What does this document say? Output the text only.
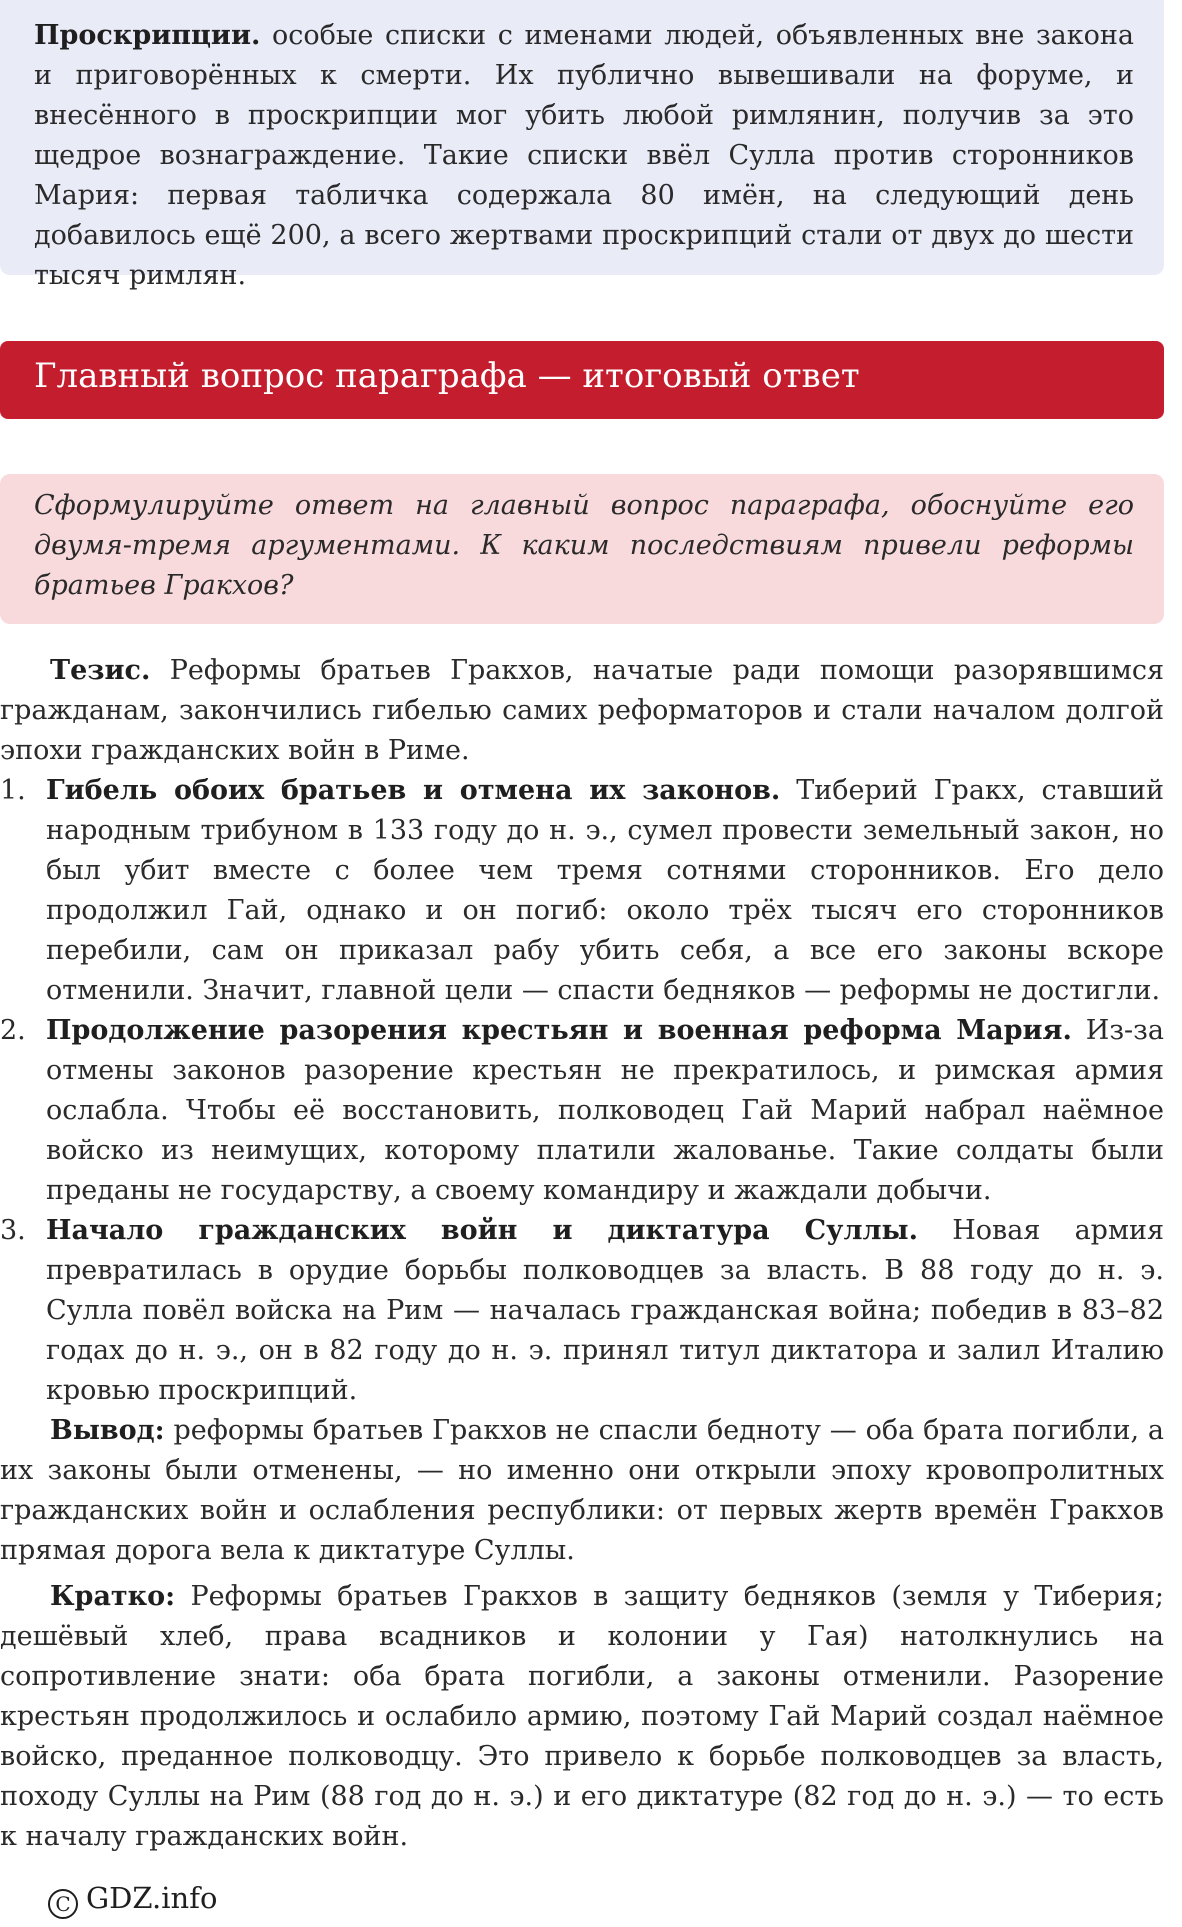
Проскрипции. особые списки с именами людей, объявленных вне закона и приговорённых к смерти. Их публично вывешивали на форуме, и внесённого в проскрипции мог убить любой римлянин, получив за это щедрое вознаграждение. Такие списки ввёл Сулла против сторонников Мария: первая табличка содержала 80 имён, на следующий день добавилось ещё 200, а всего жертвами проскрипций стали от двух до шести тысяч римлян.
Главный вопрос параграфа — итоговый ответ
Сформулируйте ответ на главный вопрос параграфа, обоснуйте его двумя-тремя аргументами. К каким последствиям привели реформы братьев Гракхов?

Тезис. Реформы братьев Гракхов, начатые ради помощи разорявшимся гражданам, закончились гибелью самих реформаторов и стали началом долгой эпохи гражданских войн в Риме.

1. Гибель обоих братьев и отмена их законов. Тиберий Гракх, ставший народным трибуном в 133 году до н. э., сумел провести земельный закон, но был убит вместе с более чем тремя сотнями сторонников. Его дело продолжил Гай, однако и он погиб: около трёх тысяч его сторонников перебили, сам он приказал рабу убить себя, а все его законы вскоре отменили. Значит, главной цели — спасти бедняков — реформы не достигли.
2. Продолжение разорения крестьян и военная реформа Мария. Из-за отмены законов разорение крестьян не прекратилось, и римская армия ослабла. Чтобы её восстановить, полководец Гай Марий набрал наёмное войско из неимущих, которому платили жалованье. Такие солдаты были преданы не государству, а своему командиру и жаждали добычи.
3. Начало гражданских войн и диктатура Суллы. Новая армия превратилась в орудие борьбы полководцев за власть. В 88 году до н. э. Сулла повёл войска на Рим — началась гражданская война; победив в 83–82 годах до н. э., он в 82 году до н. э. принял титул диктатора и залил Италию кровью проскрипций.

Вывод: реформы братьев Гракхов не спасли бедноту — оба брата погибли, а их законы были отменены, — но именно они открыли эпоху кровопролитных гражданских войн и ослабления республики: от первых жертв времён Гракхов прямая дорога вела к диктатуре Суллы.

Кратко: Реформы братьев Гракхов в защиту бедняков (земля у Тиберия; дешёвый хлеб, права всадников и колонии у Гая) натолкнулись на сопротивление знати: оба брата погибли, а законы отменили. Разорение крестьян продолжилось и ослабило армию, поэтому Гай Марий создал наёмное войско, преданное полководцу. Это привело к борьбе полководцев за власть, походу Суллы на Рим (88 год до н. э.) и его диктатуре (82 год до н. э.) — то есть к началу гражданских войн.

C GDZ.info
